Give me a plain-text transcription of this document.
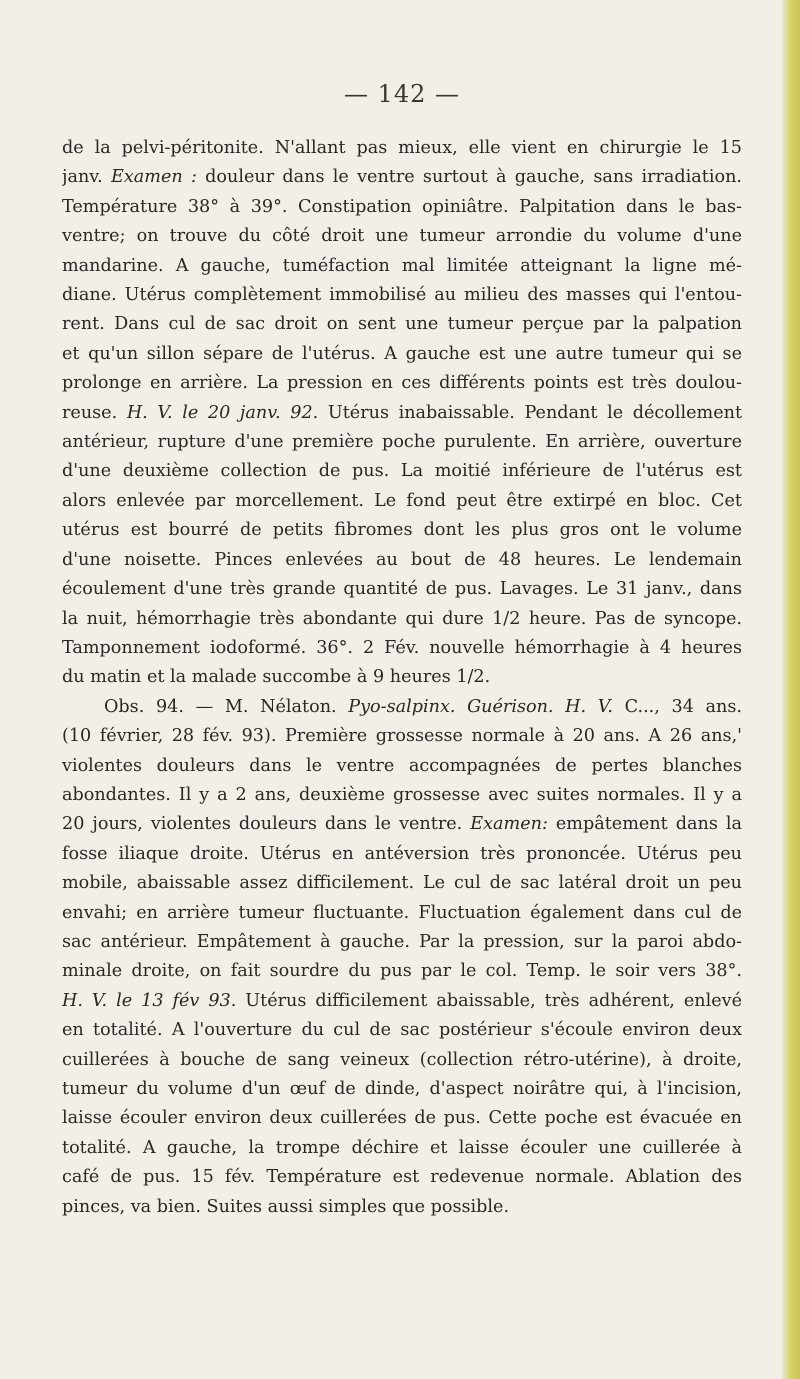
— 142 —
de la pelvi-péritonite. N'allant pas mieux, elle vient en chirurgie le 15
janv. Examen : douleur dans le ventre surtout à gauche, sans irradiation.
Température 38° à 39°. Constipation opiniâtre. Palpitation dans le bas-
ventre; on trouve du côté droit une tumeur arrondie du volume d'une
mandarine. A gauche, tuméfaction mal limitée atteignant la ligne mé-
diane. Utérus complètement immobilisé au milieu des masses qui l'entou-
rent. Dans cul de sac droit on sent une tumeur perçue par la palpation
et qu'un sillon sépare de l'utérus. A gauche est une autre tumeur qui se
prolonge en arrière. La pression en ces différents points est très doulou-
reuse. H. V. le 20 janv. 92. Utérus inabaissable. Pendant le décollement
antérieur, rupture d'une première poche purulente. En arrière, ouverture
d'une deuxième collection de pus. La moitié inférieure de l'utérus est
alors enlevée par morcellement. Le fond peut être extirpé en bloc. Cet
utérus est bourré de petits fibromes dont les plus gros ont le volume
d'une noisette. Pinces enlevées au bout de 48 heures. Le lendemain
écoulement d'une très grande quantité de pus. Lavages. Le 31 janv., dans
la nuit, hémorrhagie très abondante qui dure 1/2 heure. Pas de syncope.
Tamponnement iodoformé. 36°. 2 Fév. nouvelle hémorrhagie à 4 heures
du matin et la malade succombe à 9 heures 1/2.
Obs. 94. — M. Nélaton. Pyo-salpinx. Guérison. H. V. C..., 34 ans.
(10 février, 28 fév. 93). Première grossesse normale à 20 ans. A 26 ans,'
violentes douleurs dans le ventre accompagnées de pertes blanches
abondantes. Il y a 2 ans, deuxième grossesse avec suites normales. Il y a
20 jours, violentes douleurs dans le ventre. Examen: empâtement dans la
fosse iliaque droite. Utérus en antéversion très prononcée. Utérus peu
mobile, abaissable assez difficilement. Le cul de sac latéral droit un peu
envahi; en arrière tumeur fluctuante. Fluctuation également dans cul de
sac antérieur. Empâtement à gauche. Par la pression, sur la paroi abdo-
minale droite, on fait sourdre du pus par le col. Temp. le soir vers 38°.
H. V. le 13 fév 93. Utérus difficilement abaissable, très adhérent, enlevé
en totalité. A l'ouverture du cul de sac postérieur s'écoule environ deux
cuillerées à bouche de sang veineux (collection rétro-utérine), à droite,
tumeur du volume d'un œuf de dinde, d'aspect noirâtre qui, à l'incision,
laisse écouler environ deux cuillerées de pus. Cette poche est évacuée en
totalité. A gauche, la trompe déchire et laisse écouler une cuillerée à
café de pus. 15 fév. Température est redevenue normale. Ablation des
pinces, va bien. Suites aussi simples que possible.
